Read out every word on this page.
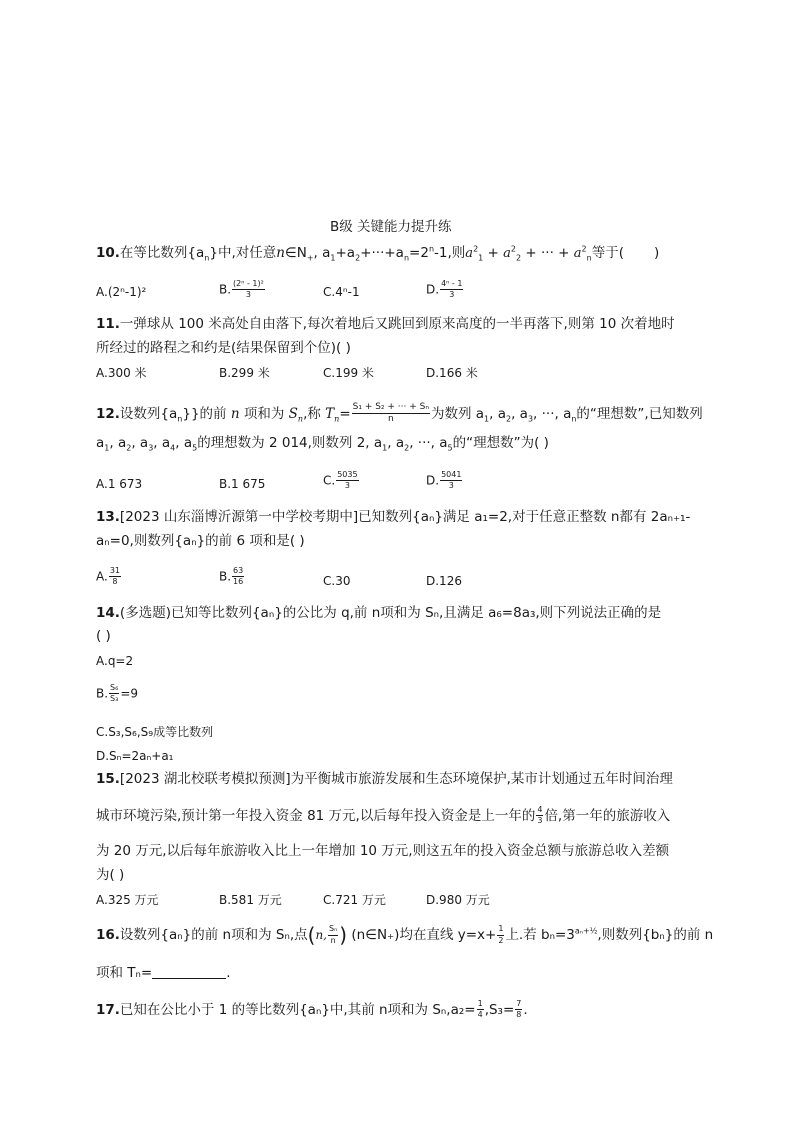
B级 关键能力提升练
10.在等比数列$\{a_n\}$中,对任意$n\in N_+$, $a_1+a_2+\cdot\cdot\cdot+a_n=2^n-1$,则$a^2_1 + a^2_2$ + ··· + $a^2_n$等于( )
A.(2ⁿ-1)²	B. $\frac{\text{(2ⁿ - 1)²}}{3}$	C.4ⁿ-1	D. $\frac{\text{4ⁿ - 1}}{3}$
11.一弹球从 100 米高处自由落下,每次着地后又跳回到原来高度的一半再落下,则第 10 次着地时
所经过的路程之和约是(结果保留到个位)( )
A.300 米	B.299 米	C.199 米	D.166 米
12.设数列$\{a_n\}$}的前 n 项和为 $S_n$,称 $T_n= \frac{\text{S₁ + S₂ + ··· + Sₙ}}{n}$ 为数列 $a_1$, $a_2$, $a_3$, ···, $a_n$的“理想数”,已知数列
$a_1$, $a_2$, $a_3$, $a_4$, $a_5$的理想数为 2 014,则数列 2, $a_1$, $a_2$, ···, $a_5$的“理想数”为( )
A.1 673	B.1 675	C. $\frac{5035}{3}$	D. $\frac{5041}{3}$
13.[2023 山东淄博沂源第一中学校考期中]已知数列{aₙ}满足 a₁=2,对于任意正整数 n都有 2aₙ₊₁-
aₙ=0,则数列{aₙ}的前 6 项和是( )
A. $\frac{31}{8}$	B. $\frac{63}{16}$	C.30	D.126
14.(多选题)已知等比数列{aₙ}的公比为 q,前 n项和为 Sₙ,且满足 a₆=8a₃,则下列说法正确的是
( )
A.q=2
B. $\frac{\text{S₆}}{\text{S₃}} =9$
C.S₃,S₆,S₉成等比数列
D.Sₙ=2aₙ+a₁
15.[2023 湖北校联考模拟预测]为平衡城市旅游发展和生态环境保护,某市计划通过五年时间治理
城市环境污染,预计第一年投入资金 81 万元,以后每年投入资金是上一年的 $\frac{4}{3}$ 倍,第一年的旅游收入
为 20 万元,以后每年旅游收入比上一年增加 10 万元,则这五年的投入资金总额与旅游总收入差额
为( )
A.325 万元	B.581 万元	C.721 万元	D.980 万元
16.设数列{aₙ}的前 n项和为 Sₙ,点(n, $\frac{\text{Sₙ}}{n}$ ) (n∈N₊)均在直线 $y=x+ \frac{1}{2}$ 上.若 $b_n=3^{a_n+\frac{1}{2}}$,则数列{bₙ}的前 n
项和 Tₙ=	.
17.已知在公比小于 1 的等比数列{aₙ}中,其前 n项和为 $S_n,a_2= \frac{1}{4} ,S_3= \frac{7}{8}$ .
